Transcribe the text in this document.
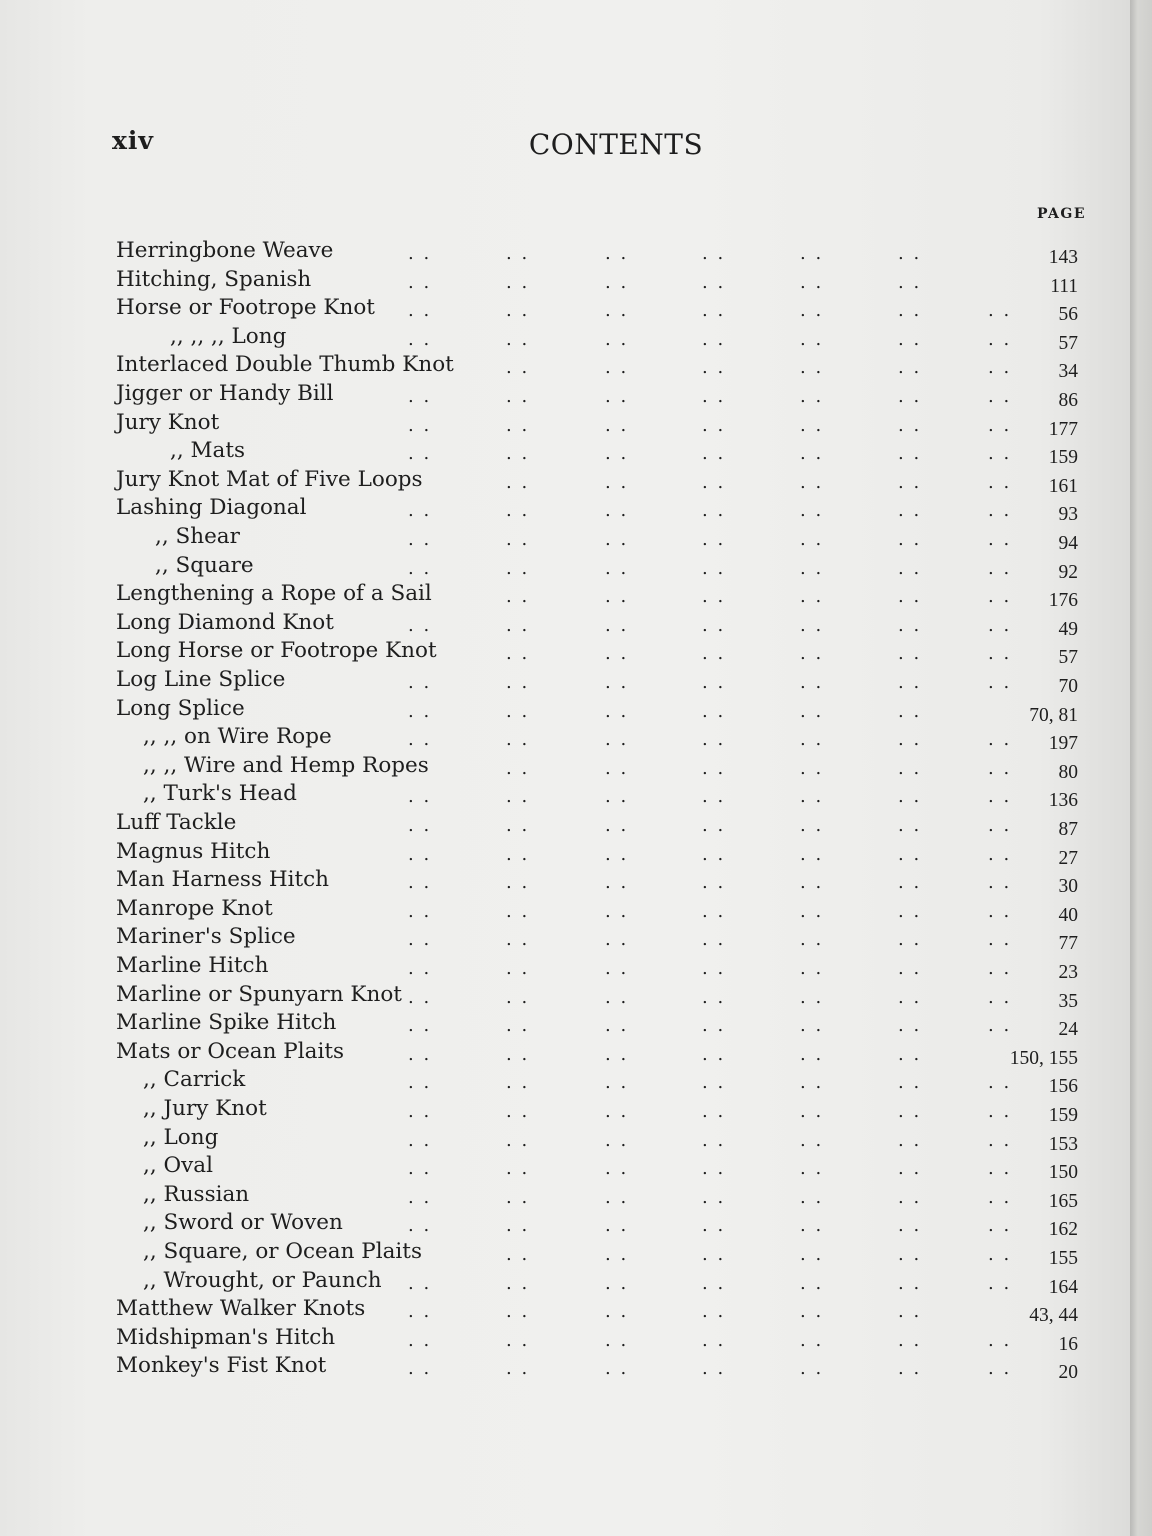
xiv	CONTENTS
PAGE
Herringbone Weave	. .	. .	. .	. .	. .	. .	143
Hitching, Spanish	. .	. .	. .	. .	. .	. .	111
Horse or Footrope Knot . .	. .	. .	. .	. .	. .	. . 56
,, ,, ,, Long	. .	. .	. .	. .	. .	. .	. . 57
Interlaced Double Thumb Knot	. .	. .	. .	. .	. .	. . 34
Jigger or Handy Bill	. .	. .	. .	. .	. .	. .	. . 86
Jury Knot	. .	. .	. .	. .	. .	. .	. . 177
,, Mats	. .	. .	. .	. .	. .	. .	. . 159
Jury Knot Mat of Five Loops	. .	. .	. .	. .	. .	. . 161
Lashing Diagonal	. .	. .	. .	. .	. .	. .	. . 93
,, Shear	. .	. .	. .	. .	. .	. .	. . 94
,, Square	. .	. .	. .	. .	. .	. .	. . 92
Lengthening a Rope of a Sail	. .	. .	. .	. .	. .	. . 176
Long Diamond Knot	. .	. .	. .	. .	. .	. .	. . 49
Long Horse or Footrope Knot	. .	. .	. .	. .	. .	. . 57
Log Line Splice	. .	. .	. .	. .	. .	. .	. . 70
Long Splice	. .	. .	. .	. .	. .	. .	70, 81
,, ,, on Wire Rope	. .	. .	. .	. .	. .	. .	. . 197
,, ,, Wire and Hemp Ropes	. .	. .	. .	. .	. .	. . 80
,, Turk's Head	. .	. .	. .	. .	. .	. .	. . 136
Luff Tackle	. .	. .	. .	. .	. .	. .	. . 87
Magnus Hitch	. .	. .	. .	. .	. .	. .	. . 27
Man Harness Hitch	. .	. .	. .	. .	. .	. .	. . 30
Manrope Knot	. .	. .	. .	. .	. .	. .	. . 40
Mariner's Splice	. .	. .	. .	. .	. .	. .	. . 77
Marline Hitch	. .	. .	. .	. .	. .	. .	. . 23
Marline or Spunyarn Knot . .	. .	. .	. .	. .	. .	. . 35
Marline Spike Hitch	. .	. .	. .	. .	. .	. .	. . 24
Mats or Ocean Plaits	. .	. .	. .	. .	. .	. .	150, 155
,, Carrick	. .	. .	. .	. .	. .	. .	. . 156
,, Jury Knot	. .	. .	. .	. .	. .	. .	. . 159
,, Long	. .	. .	. .	. .	. .	. .	. . 153
,, Oval	. .	. .	. .	. .	. .	. .	. . 150
,, Russian	. .	. .	. .	. .	. .	. .	. . 165
,, Sword or Woven	. .	. .	. .	. .	. .	. .	. . 162
,, Square, or Ocean Plaits	. .	. .	. .	. .	. .	. . 155
,, Wrought, or Paunch . .	. .	. .	. .	. .	. .	. . 164
Matthew Walker Knots . .	. .	. .	. .	. .	. .	43, 44
Midshipman's Hitch	. .	. .	. .	. .	. .	. .	. . 16
Monkey's Fist Knot	. .	. .	. .	. .	. .	. .	. . 20
